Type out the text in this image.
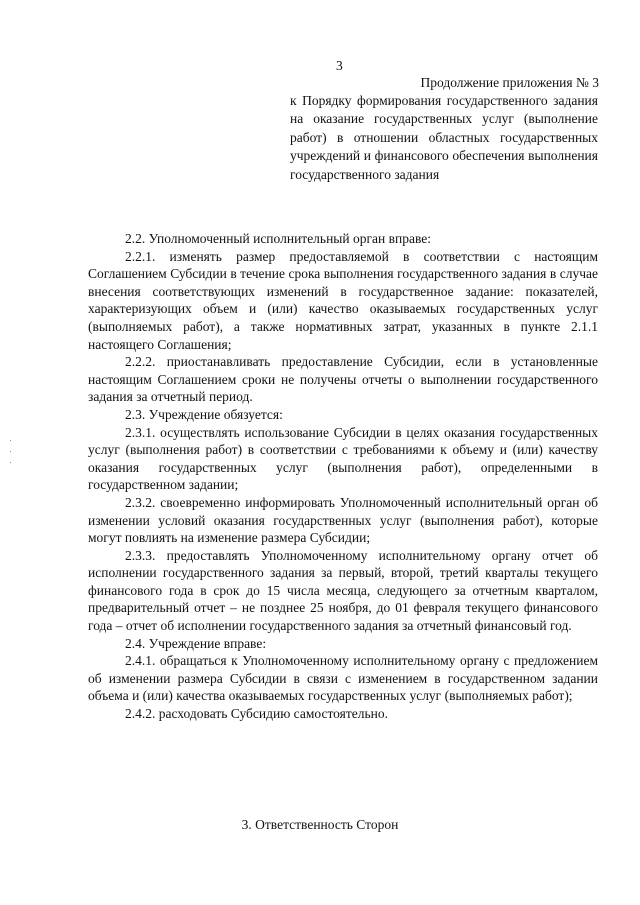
3
Продолжение приложения № 3
к Порядку формирования государственного задания на оказание государственных услуг (выполнение работ) в отношении областных государственных учреждений и финансового обеспечения выполнения государственного задания

2.2. Уполномоченный исполнительный орган вправе:

2.2.1. изменять размер предоставляемой в соответствии с настоящим Соглашением Субсидии в течение срока выполнения государственного задания в случае внесения соответствующих изменений в государственное задание: показателей, характеризующих объем и (или) качество оказываемых государственных услуг (выполняемых работ), а также нормативных затрат, указанных в пункте 2.1.1 настоящего Соглашения;

2.2.2. приостанавливать предоставление Субсидии, если в установленные настоящим Соглашением сроки не получены отчеты о выполнении государственного задания за отчетный период.

2.3. Учреждение обязуется:

2.3.1. осуществлять использование Субсидии в целях оказания государственных услуг (выполнения работ) в соответствии с требованиями к объему и (или) качеству оказания государственных услуг (выполнения работ), определенными в государственном задании;

2.3.2. своевременно информировать Уполномоченный исполнительный орган об изменении условий оказания государственных услуг (выполнения работ), которые могут повлиять на изменение размера Субсидии;

2.3.3. предоставлять Уполномоченному исполнительному органу отчет об исполнении государственного задания за первый, второй, третий кварталы текущего финансового года в срок до 15 числа месяца, следующего за отчетным кварталом, предварительный отчет – не позднее 25 ноября, до 01 февраля текущего финансового года – отчет об исполнении государственного задания за отчетный финансовый год.

2.4. Учреждение вправе:

2.4.1. обращаться к Уполномоченному исполнительному органу с предложением об изменении размера Субсидии в связи с изменением в государственном задании объема и (или) качества оказываемых государственных услуг (выполняемых работ);

2.4.2. расходовать Субсидию самостоятельно.

3. Ответственность Сторон
